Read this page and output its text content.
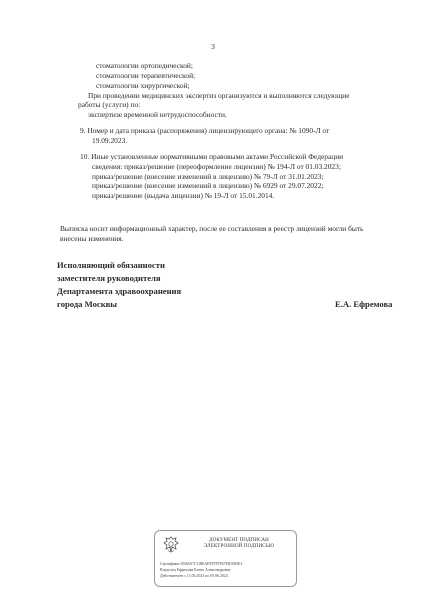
3
стоматологии ортопедической;
стоматологии терапевтической;
стоматологии хирургической;
При проведении медицинских экспертиз организуются и выполняются следующие
работы (услуги) по:
экспертизе временной нетрудоспособности.
9. Номер и дата приказа (распоряжения) лицензирующего органа: № 1090-Л от
19.09.2023.
10. Иные установленные нормативными правовыми актами Российской Федерации
сведения: приказ/решение (переоформление лицензии) № 194-Л от 01.03.2023;
приказ/решение (внесение изменений в лицензию) № 79-Л от 31.01.2023;
приказ/решение (внесение изменений в лицензию) № 6929 от 29.07.2022;
приказ/решение (выдача лицензии) № 19-Л от 15.01.2014.
Выписка носит информационный характер, после ее составления в реестр лицензий могли быть
внесены изменения.
Исполняющий обязанности
заместителя руководителя
Департамента здравоохранения
города Москвы	Е.А. Ефремова
ДОКУМЕНТ ПОДПИСАН
ЭЛЕКТРОННОЙ ПОДПИСЬЮ
Сертификат 00A8A7CCBEAEF8787F67EBA9DE1
Владелец Ефремова Елена Александровна
Действителен с 13.03.2023 по 05.06.2024
